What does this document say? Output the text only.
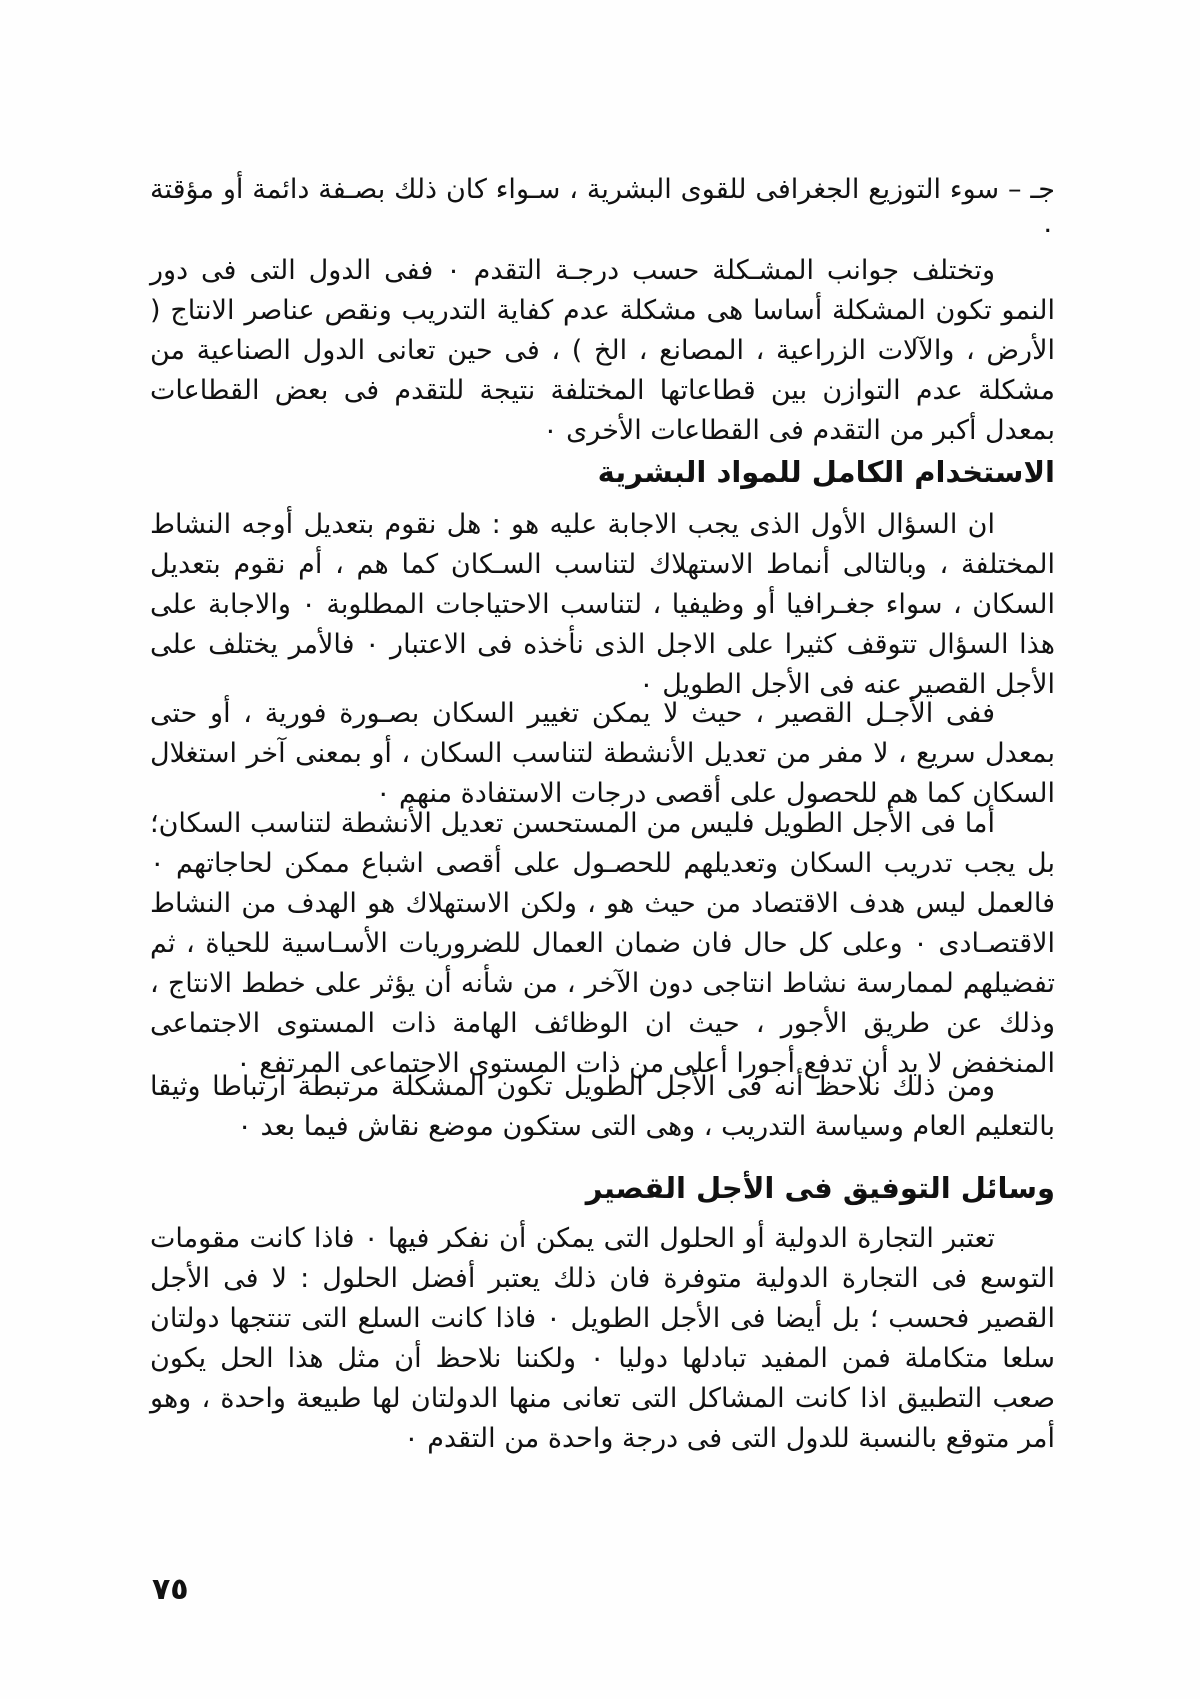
جـ – سوء التوزيع الجغرافى للقوى البشرية ، سـواء كان ذلك بصـفة دائمة أو مؤقتة ٠

وتختلف جوانب المشـكلة حسب درجـة التقدم ٠ ففى الدول التى فى دور النمو تكون المشكلة أساسا هى مشكلة عدم كفاية التدريب ونقص عناصر الانتاج ( الأرض ، والآلات الزراعية ، المصانع ، الخ ) ، فى حين تعانى الدول الصناعية من مشكلة عدم التوازن بين قطاعاتها المختلفة نتيجة للتقدم فى بعض القطاعات بمعدل أكبر من التقدم فى القطاعات الأخرى ٠

الاستخدام الكامل للمواد البشرية

ان السؤال الأول الذى يجب الاجابة عليه هو : هل نقوم بتعديل أوجه النشاط المختلفة ، وبالتالى أنماط الاستهلاك لتناسب السـكان كما هم ، أم نقوم بتعديل السكان ، سواء جغـرافيا أو وظيفيا ، لتناسب الاحتياجات المطلوبة ٠ والاجابة على هذا السؤال تتوقف كثيرا على الاجل الذى نأخذه فى الاعتبار ٠ فالأمر يختلف على الأجل القصير عنه فى الأجل الطويل ٠

ففى الأجـل القصير ، حيث لا يمكن تغيير السكان بصـورة فورية ، أو حتى بمعدل سريع ، لا مفر من تعديل الأنشطة لتناسب السكان ، أو بمعنى آخر استغلال السكان كما هم للحصول على أقصى درجات الاستفادة منهم ٠

أما فى الأجل الطويل فليس من المستحسن تعديل الأنشطة لتناسب السكان؛ بل يجب تدريب السكان وتعديلهم للحصـول على أقصى اشباع ممكن لحاجاتهم ٠ فالعمل ليس هدف الاقتصاد من حيث هو ، ولكن الاستهلاك هو الهدف من النشاط الاقتصـادى ٠ وعلى كل حال فان ضمان العمال للضروريات الأسـاسية للحياة ، ثم تفضيلهم لممارسة نشاط انتاجى دون الآخر ، من شأنه أن يؤثر على خطط الانتاج ، وذلك عن طريق الأجور ، حيث ان الوظائف الهامة ذات المستوى الاجتماعى المنخفض لا بد أن تدفع أجورا أعلى من ذات المستوى الاجتماعى المرتفع ٠

ومن ذلك نلاحظ أنه فى الأجل الطويل تكون المشكلة مرتبطة ارتباطا وثيقا بالتعليم العام وسياسة التدريب ، وهى التى ستكون موضع نقاش فيما بعد ٠

وسائل التوفيق فى الأجل القصير

تعتبر التجارة الدولية أو الحلول التى يمكن أن نفكر فيها ٠ فاذا كانت مقومات التوسع فى التجارة الدولية متوفرة فان ذلك يعتبر أفضل الحلول : لا فى الأجل القصير فحسب ؛ بل أيضا فى الأجل الطويل ٠ فاذا كانت السلع التى تنتجها دولتان سلعا متكاملة فمن المفيد تبادلها دوليا ٠ ولكننا نلاحظ أن مثل هذا الحل يكون صعب التطبيق اذا كانت المشاكل التى تعانى منها الدولتان لها طبيعة واحدة ، وهو أمر متوقع بالنسبة للدول التى فى درجة واحدة من التقدم ٠

٧٥
